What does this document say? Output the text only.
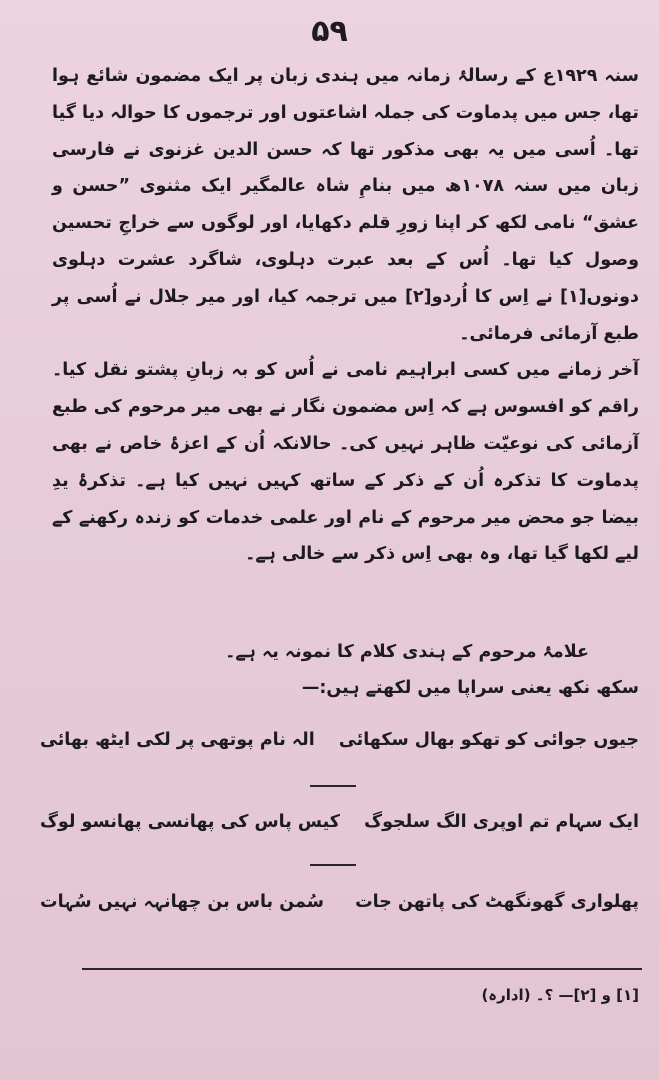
۵۹

سنہ ۱۹۲۹ع کے رسالۂ زمانہ میں ہندی زبان پر ایک مضمون شائع ہوا تھا، جس میں پدماوت کی جملہ اشاعتوں اور ترجموں کا حوالہ دیا گیا تھا۔ اُسی میں یہ بھی مذکور تھا کہ حسن الدین غزنوی نے فارسی زبان میں سنہ ۱۰۷۸ھ میں بنامِ شاہ عالمگیر ایک مثنوی ”حسن و عشق“ نامی لکھ کر اپنا زورِ قلم دکھایا، اور لوگوں سے خراجِ تحسین وصول کیا تھا۔ اُس کے بعد عبرت دہلوی، شاگرد عشرت دہلوی دونوں[۱] نے اِس کا اُردو[۲] میں ترجمہ کیا، اور میر جلال نے اُسی پر طبع آزمائی فرمائی۔

آخر زمانے میں کسی ابراہیم نامی نے اُس کو بہ زبانِ پشتو نقل کیا۔ راقم کو افسوس ہے کہ اِس مضمون نگار نے بھی میر مرحوم کی طبع آزمائی کی نوعیّت ظاہر نہیں کی۔ حالانکہ اُن کے اعزۂ خاص نے بھی پدماوت کا تذکرہ اُن کے ذکر کے ساتھ کہیں نہیں کیا ہے۔ تذکرۂ یدِ بیضا جو محض میر مرحوم کے نام اور علمی خدمات کو زندہ رکھنے کے لیے لکھا گیا تھا، وہ بھی اِس ذکر سے خالی ہے۔

علامۂ مرحوم کے ہندی کلام کا نمونہ یہ ہے۔

سکھ نکھ یعنی سراپا میں لکھتے ہیں:—

جیوں جوائی کو تھکو بھال سکھائی
الہ نام پوتھی پر لکی ایٹھ بھائی
ایک سہام تم اوپری الگ سلجوگ
کیس پاس کی پھانسی پھانسو لوگ
پھلواری گھونگھٹ کی پاتھن جات
سُمن باس بن چھانہہ نہیں سُہات
[۱] و [۲]— ؟۔ (ادارہ)
